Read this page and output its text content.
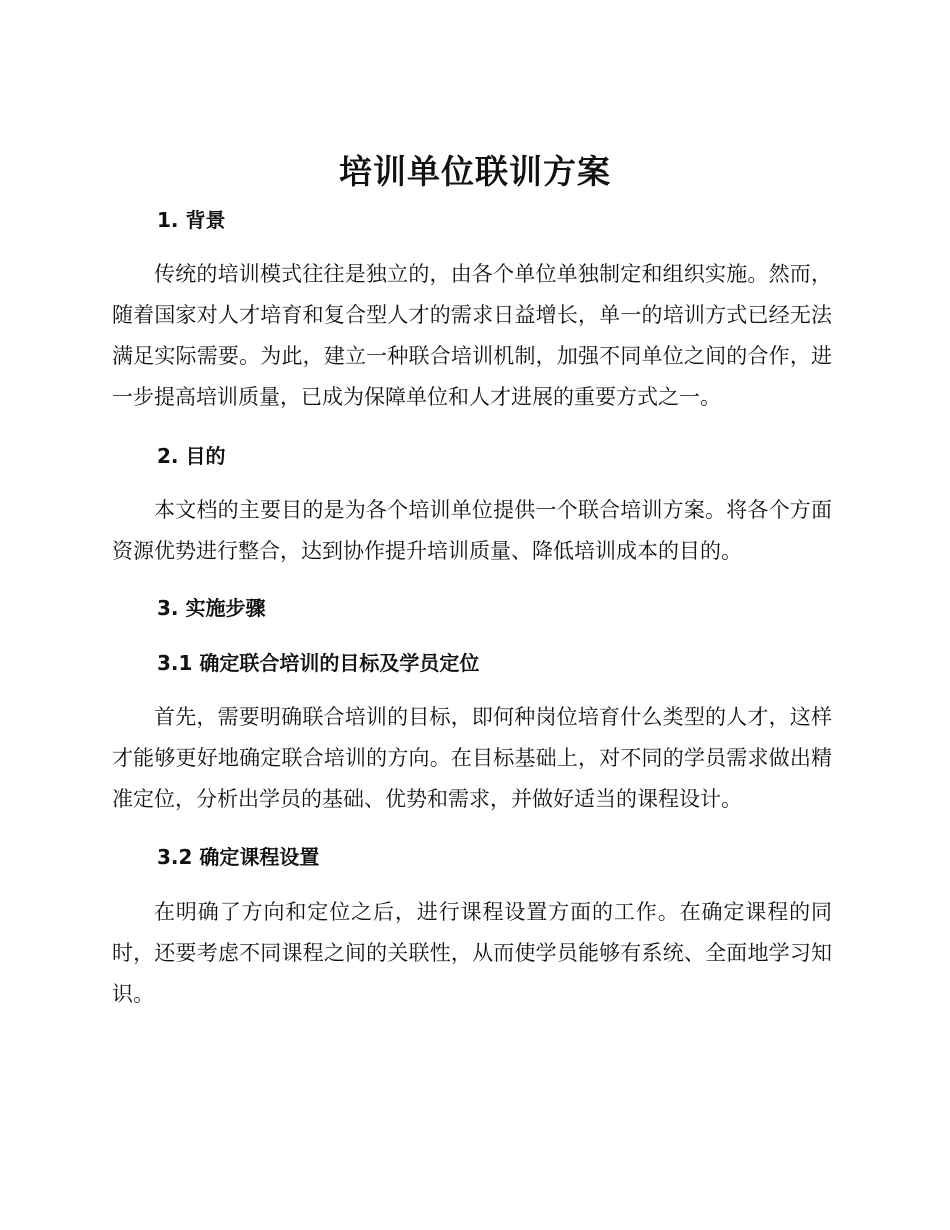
培训单位联训方案
1. 背景
传统的培训模式往往是独立的，由各个单位单独制定和组织实施。然而，随着国家对人才培育和复合型人才的需求日益增长，单一的培训方式已经无法满足实际需要。为此，建立一种联合培训机制，加强不同单位之间的合作，进一步提高培训质量，已成为保障单位和人才进展的重要方式之一。
2. 目的
本文档的主要目的是为各个培训单位提供一个联合培训方案。将各个方面资源优势进行整合，达到协作提升培训质量、降低培训成本的目的。
3. 实施步骤
3.1 确定联合培训的目标及学员定位
首先，需要明确联合培训的目标，即何种岗位培育什么类型的人才，这样才能够更好地确定联合培训的方向。在目标基础上，对不同的学员需求做出精准定位，分析出学员的基础、优势和需求，并做好适当的课程设计。
3.2 确定课程设置
在明确了方向和定位之后，进行课程设置方面的工作。在确定课程的同时，还要考虑不同课程之间的关联性，从而使学员能够有系统、全面地学习知识。
